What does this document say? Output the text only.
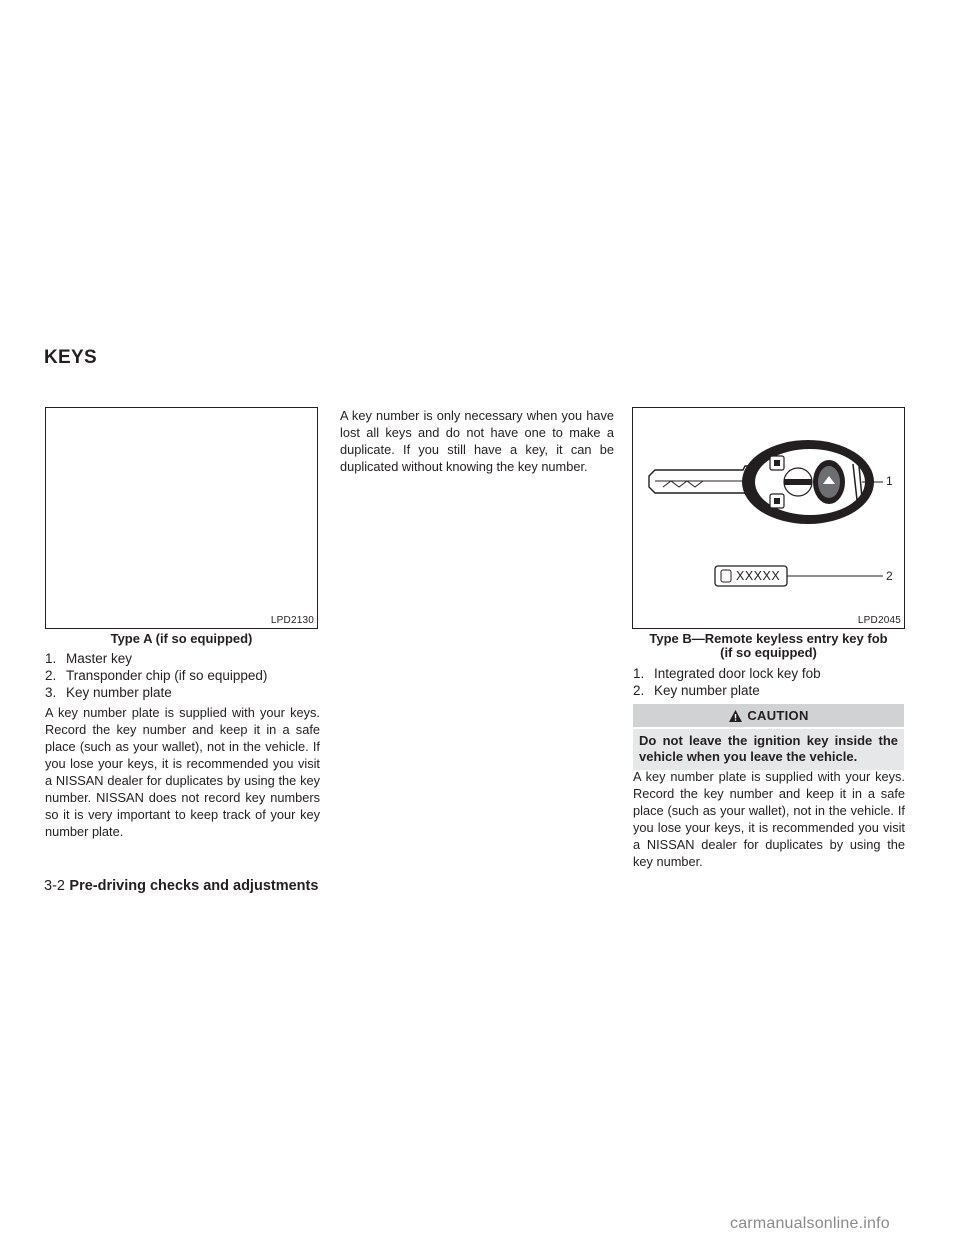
KEYS
LPD2130

Type A (if so equipped)

1. Master key
2. Transponder chip (if so equipped)
3. Key number plate

A key number plate is supplied with your keys. Record the key number and keep it in a safe place (such as your wallet), not in the vehicle. If you lose your keys, it is recommended you visit a NISSAN dealer for duplicates by using the key number. NISSAN does not record key numbers so it is very important to keep track of your key number plate.

A key number is only necessary when you have lost all keys and do not have one to make a duplicate. If you still have a key, it can be duplicated without knowing the key number.

XXXXX
1
2
LPD2045

Type B—Remote keyless entry key fob
(if so equipped)

1. Integrated door lock key fob
2. Key number plate
CAUTION
Do not leave the ignition key inside the vehicle when you leave the vehicle.

A key number plate is supplied with your keys. Record the key number and keep it in a safe place (such as your wallet), not in the vehicle. If you lose your keys, it is recommended you visit a NISSAN dealer for duplicates by using the key number.

3-2 Pre-driving checks and adjustments

carmanualsonline.info
